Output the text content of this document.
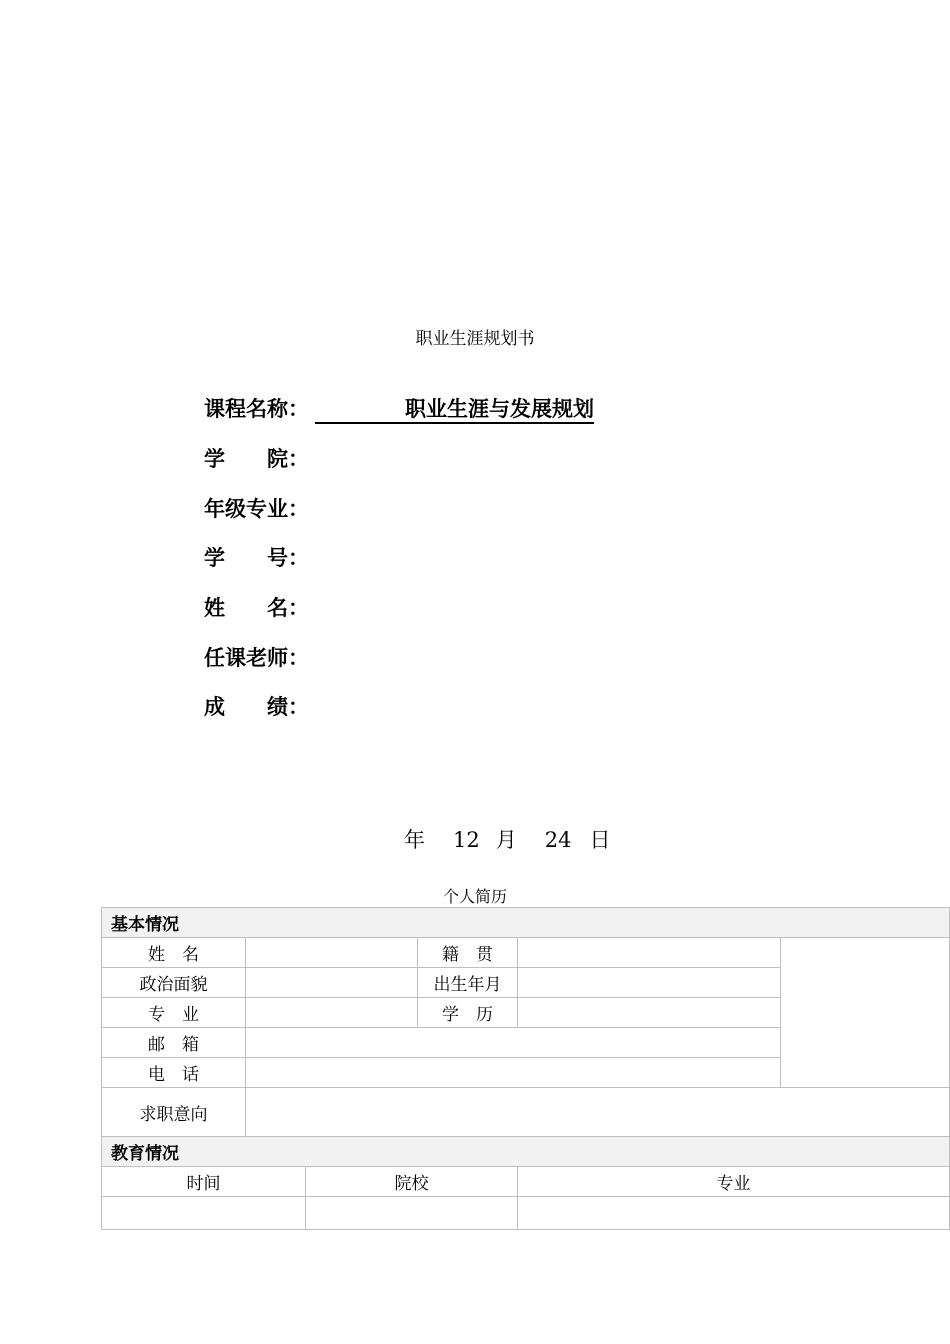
职业生涯规划书
课程名称：	职业生涯与发展规划
学　　院：
年级专业：
学　　号：
姓　　名：
任课老师：
成　　绩：
年 12 月 24 日
个人简历
基本情况					
姓　名			籍　贯		
政治面貌			出生年月		
专　业			学　历		
邮　箱					
电　话					
求职意向					
教育情况					
时间		院校		专业	
